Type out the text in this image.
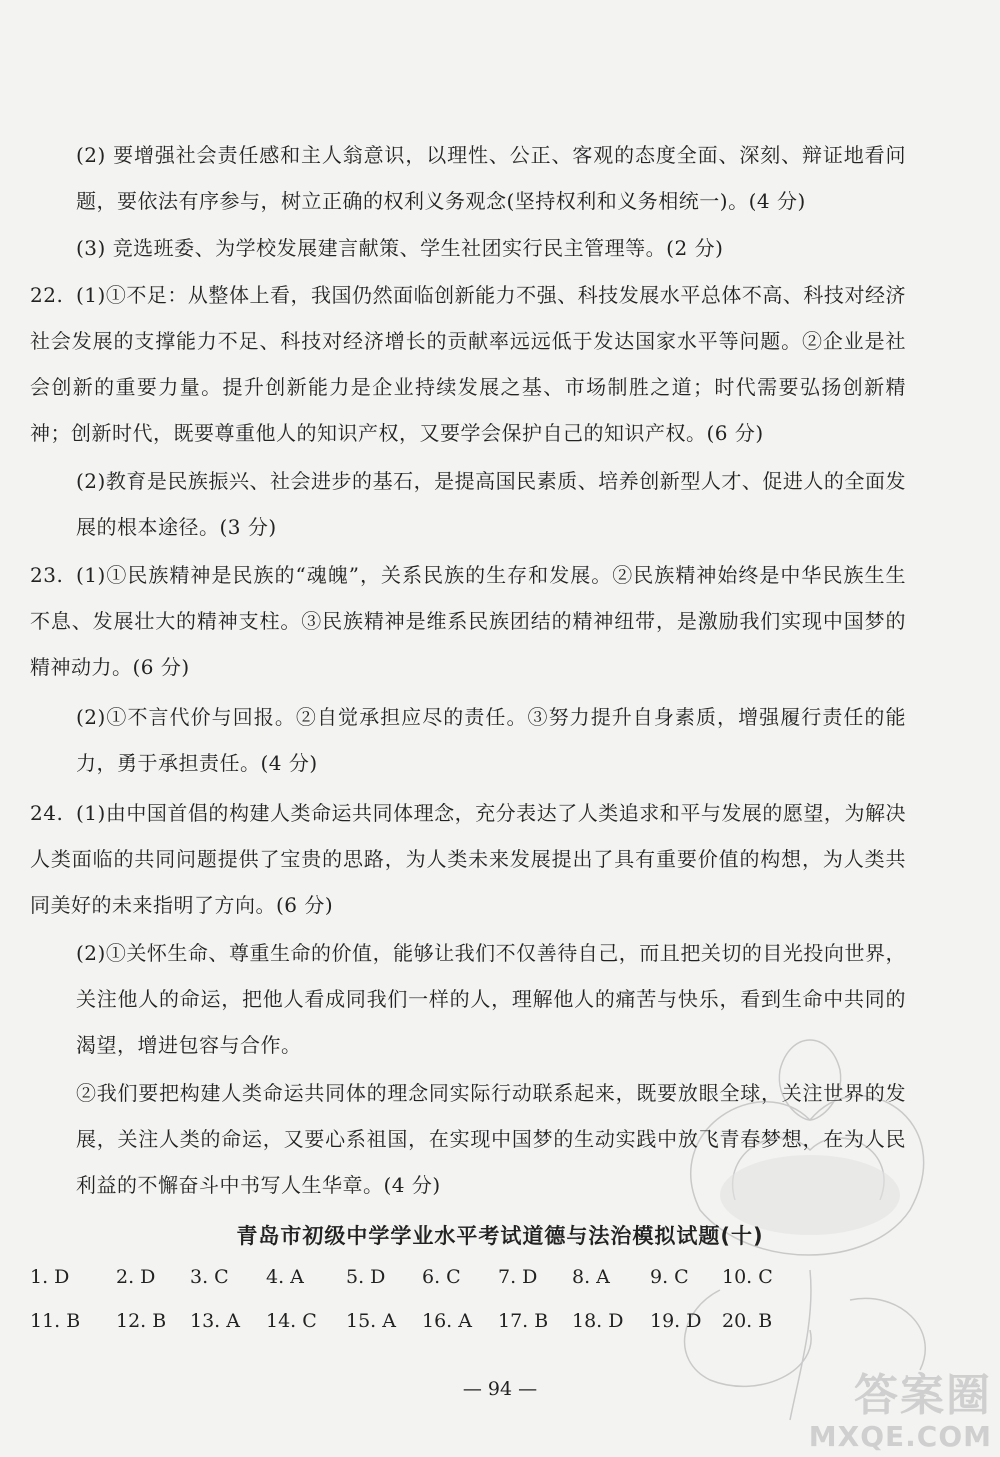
(2) 要增强社会责任感和主人翁意识，以理性、公正、客观的态度全面、深刻、辩证地看问题，要依法有序参与，树立正确的权利义务观念(坚持权利和义务相统一)。(4 分)
(3) 竞选班委、为学校发展建言献策、学生社团实行民主管理等。(2 分)
22. (1)①不足：从整体上看，我国仍然面临创新能力不强、科技发展水平总体不高、科技对经济社会发展的支撑能力不足、科技对经济增长的贡献率远远低于发达国家水平等问题。②企业是社会创新的重要力量。提升创新能力是企业持续发展之基、市场制胜之道；时代需要弘扬创新精神；创新时代，既要尊重他人的知识产权，又要学会保护自己的知识产权。(6 分)
(2)教育是民族振兴、社会进步的基石，是提高国民素质、培养创新型人才、促进人的全面发展的根本途径。(3 分)
23. (1)①民族精神是民族的“魂魄”，关系民族的生存和发展。②民族精神始终是中华民族生生不息、发展壮大的精神支柱。③民族精神是维系民族团结的精神纽带，是激励我们实现中国梦的精神动力。(6 分)
(2)①不言代价与回报。②自觉承担应尽的责任。③努力提升自身素质，增强履行责任的能力，勇于承担责任。(4 分)
24. (1)由中国首倡的构建人类命运共同体理念，充分表达了人类追求和平与发展的愿望，为解决人类面临的共同问题提供了宝贵的思路，为人类未来发展提出了具有重要价值的构想，为人类共同美好的未来指明了方向。(6 分)
(2)①关怀生命、尊重生命的价值，能够让我们不仅善待自己，而且把关切的目光投向世界，关注他人的命运，把他人看成同我们一样的人，理解他人的痛苦与快乐，看到生命中共同的渴望，增进包容与合作。
②我们要把构建人类命运共同体的理念同实际行动联系起来，既要放眼全球，关注世界的发展，关注人类的命运，又要心系祖国，在实现中国梦的生动实践中放飞青春梦想，在为人民利益的不懈奋斗中书写人生华章。(4 分)
青岛市初级中学学业水平考试道德与法治模拟试题(十)
1. D 2. D 3. C 4. A 5. D 6. C 7. D 8. A 9. C 10. C
11. B 12. B 13. A 14. C 15. A 16. A 17. B 18. D 19. D 20. B
— 94 —	答案圈
MXQE.COM
